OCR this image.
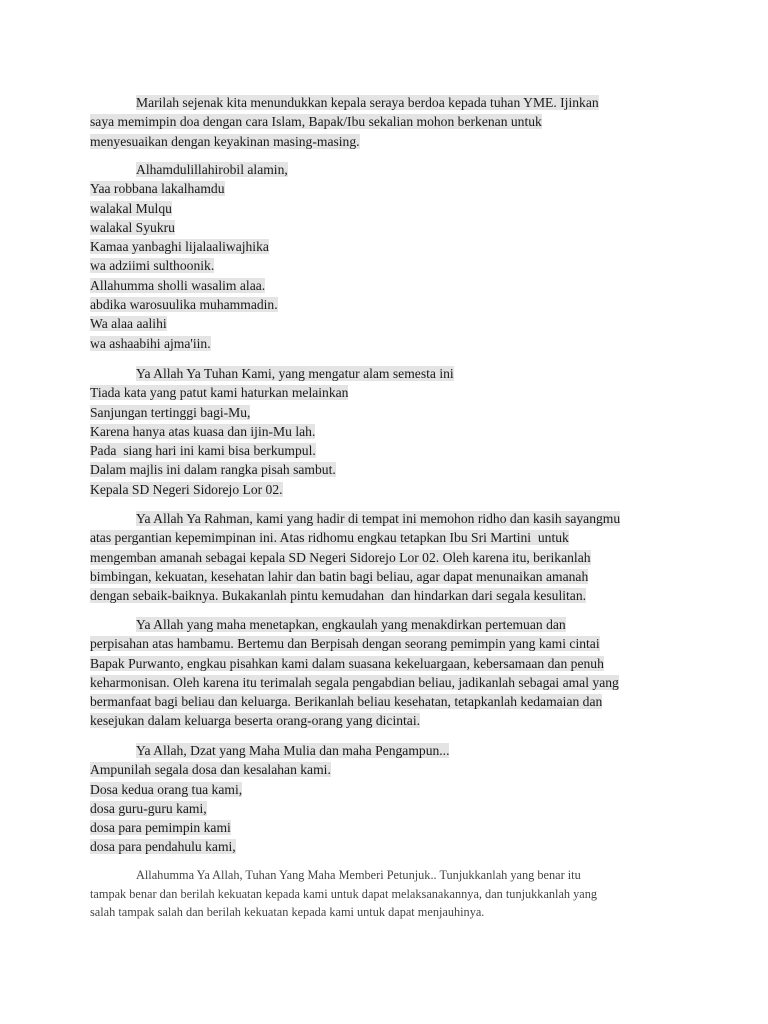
Marilah sejenak kita menundukkan kepala seraya berdoa kepada tuhan YME. Ijinkan
saya memimpin doa dengan cara Islam, Bapak/Ibu sekalian mohon berkenan untuk
menyesuaikan dengan keyakinan masing-masing.
Alhamdulillahirobil alamin,
Yaa robbana lakalhamdu
walakal Mulqu
walakal Syukru
Kamaa yanbaghi lijalaaliwajhika
wa adziimi sulthoonik.
Allahumma sholli wasalim alaa.
abdika warosuulika muhammadin.
Wa alaa aalihi
wa ashaabihi ajma'iin.
Ya Allah Ya Tuhan Kami, yang mengatur alam semesta ini
Tiada kata yang patut kami haturkan melainkan
Sanjungan tertinggi bagi-Mu,
Karena hanya atas kuasa dan ijin-Mu lah.
Pada  siang hari ini kami bisa berkumpul.
Dalam majlis ini dalam rangka pisah sambut.
Kepala SD Negeri Sidorejo Lor 02.
Ya Allah Ya Rahman, kami yang hadir di tempat ini memohon ridho dan kasih sayangmu
atas pergantian kepemimpinan ini. Atas ridhomu engkau tetapkan Ibu Sri Martini  untuk
mengemban amanah sebagai kepala SD Negeri Sidorejo Lor 02. Oleh karena itu, berikanlah
bimbingan, kekuatan, kesehatan lahir dan batin bagi beliau, agar dapat menunaikan amanah
dengan sebaik-baiknya. Bukakanlah pintu kemudahan  dan hindarkan dari segala kesulitan.
Ya Allah yang maha menetapkan, engkaulah yang menakdirkan pertemuan dan
perpisahan atas hambamu. Bertemu dan Berpisah dengan seorang pemimpin yang kami cintai
Bapak Purwanto, engkau pisahkan kami dalam suasana kekeluargaan, kebersamaan dan penuh
keharmonisan. Oleh karena itu terimalah segala pengabdian beliau, jadikanlah sebagai amal yang
bermanfaat bagi beliau dan keluarga. Berikanlah beliau kesehatan, tetapkanlah kedamaian dan
kesejukan dalam keluarga beserta orang-orang yang dicintai.
Ya Allah, Dzat yang Maha Mulia dan maha Pengampun...
Ampunilah segala dosa dan kesalahan kami.
Dosa kedua orang tua kami,
dosa guru-guru kami,
dosa para pemimpin kami
dosa para pendahulu kami,
Allahumma Ya Allah, Tuhan Yang Maha Memberi Petunjuk.. Tunjukkanlah yang benar itu
tampak benar dan berilah kekuatan kepada kami untuk dapat melaksanakannya, dan tunjukkanlah yang
salah tampak salah dan berilah kekuatan kepada kami untuk dapat menjauhinya.
